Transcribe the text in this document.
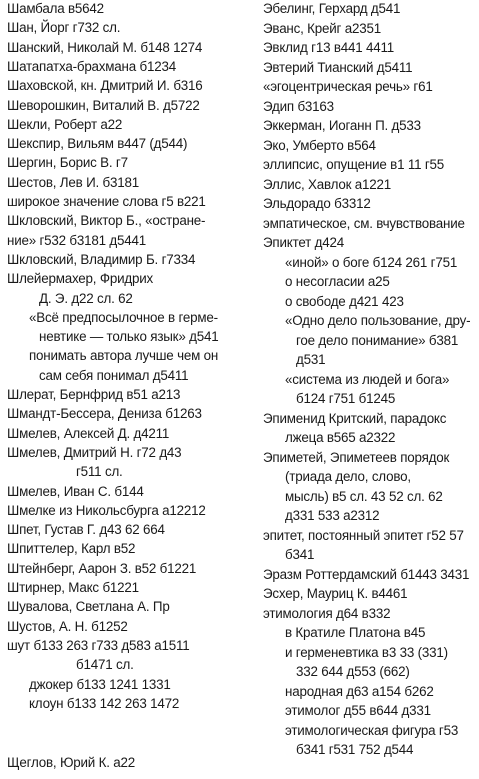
Шамбала в5642
Шан, Йорг г732 сл.
Шанский, Николай М. б148 1274
Шатапатха-брахмана б1234
Шаховской, кн. Дмитрий И. б316
Шеворошкин, Виталий В. д5722
Шекли, Роберт а22
Шекспир, Вильям в447 (д544)
Шергин, Борис В. г7
Шестов, Лев И. б3181
широкое значение слова г5 в221
Шкловский, Виктор Б., «остране-
ние» г532 б3181 д5441
Шкловский, Владимир Б. г7334
Шлейермахер, Фридрих
Д. Э. д22 сл. 62
«Всё предпосылочное в герме-
невтике — только язык» д541
понимать автора лучше чем он
сам себя понимал д5411
Шлерат, Бернфрид в51 а213
Шмандт-Бессера, Дениза б1263
Шмелев, Алексей Д. д4211
Шмелев, Дмитрий Н. г72 д43
г511 сл.
Шмелев, Иван С. б144
Шмелке из Никольсбурга а12212
Шпет, Густав Г. д43 62 664
Шпиттелер, Карл в52
Штейнберг, Аарон З. в52 б1221
Штирнер, Макс б1221
Шувалова, Светлана А. Пр
Шустов, А. Н. б1252
шут б133 263 г733 д583 а1511
б1471 сл.
джокер б133 1241 1331
клоун б133 142 263 1472
Щеглов, Юрий К. а22
Эбелинг, Герхард д541
Эванс, Крейг а2351
Эвклид г13 в441 4411
Эвтерий Тианский д5411
«эгоцентрическая речь» г61
Эдип б3163
Эккерман, Иоганн П. д533
Эко, Умберто в564
эллипсис, опущение в1 11 г55
Эллис, Хавлок а1221
Эльдорадо б3312
эмпатическое, см. вчувствование
Эпиктет д424
«иной» о боге б124 261 г751
о несогласии а25
о свободе д421 423
«Одно дело пользование, дру-
гое дело понимание» б381
д531
«система из людей и бога»
б124 г751 б1245
Эпименид Критский, парадокс
лжеца в565 а2322
Эпиметей, Эпиметеев порядок
(триада дело, слово,
мысль) в5 сл. 43 52 сл. 62
д331 533 а2312
эпитет, постоянный эпитет г52 57
б341
Эразм Роттердамский б1443 3431
Эсхер, Мауриц К. в4461
этимология д64 в332
в Кратиле Платона в45
и герменевтика в3 33 (331)
332 644 д553 (662)
народная д63 а154 б262
этимолог д55 в644 д331
этимологическая фигура г53
б341 г531 752 д544
